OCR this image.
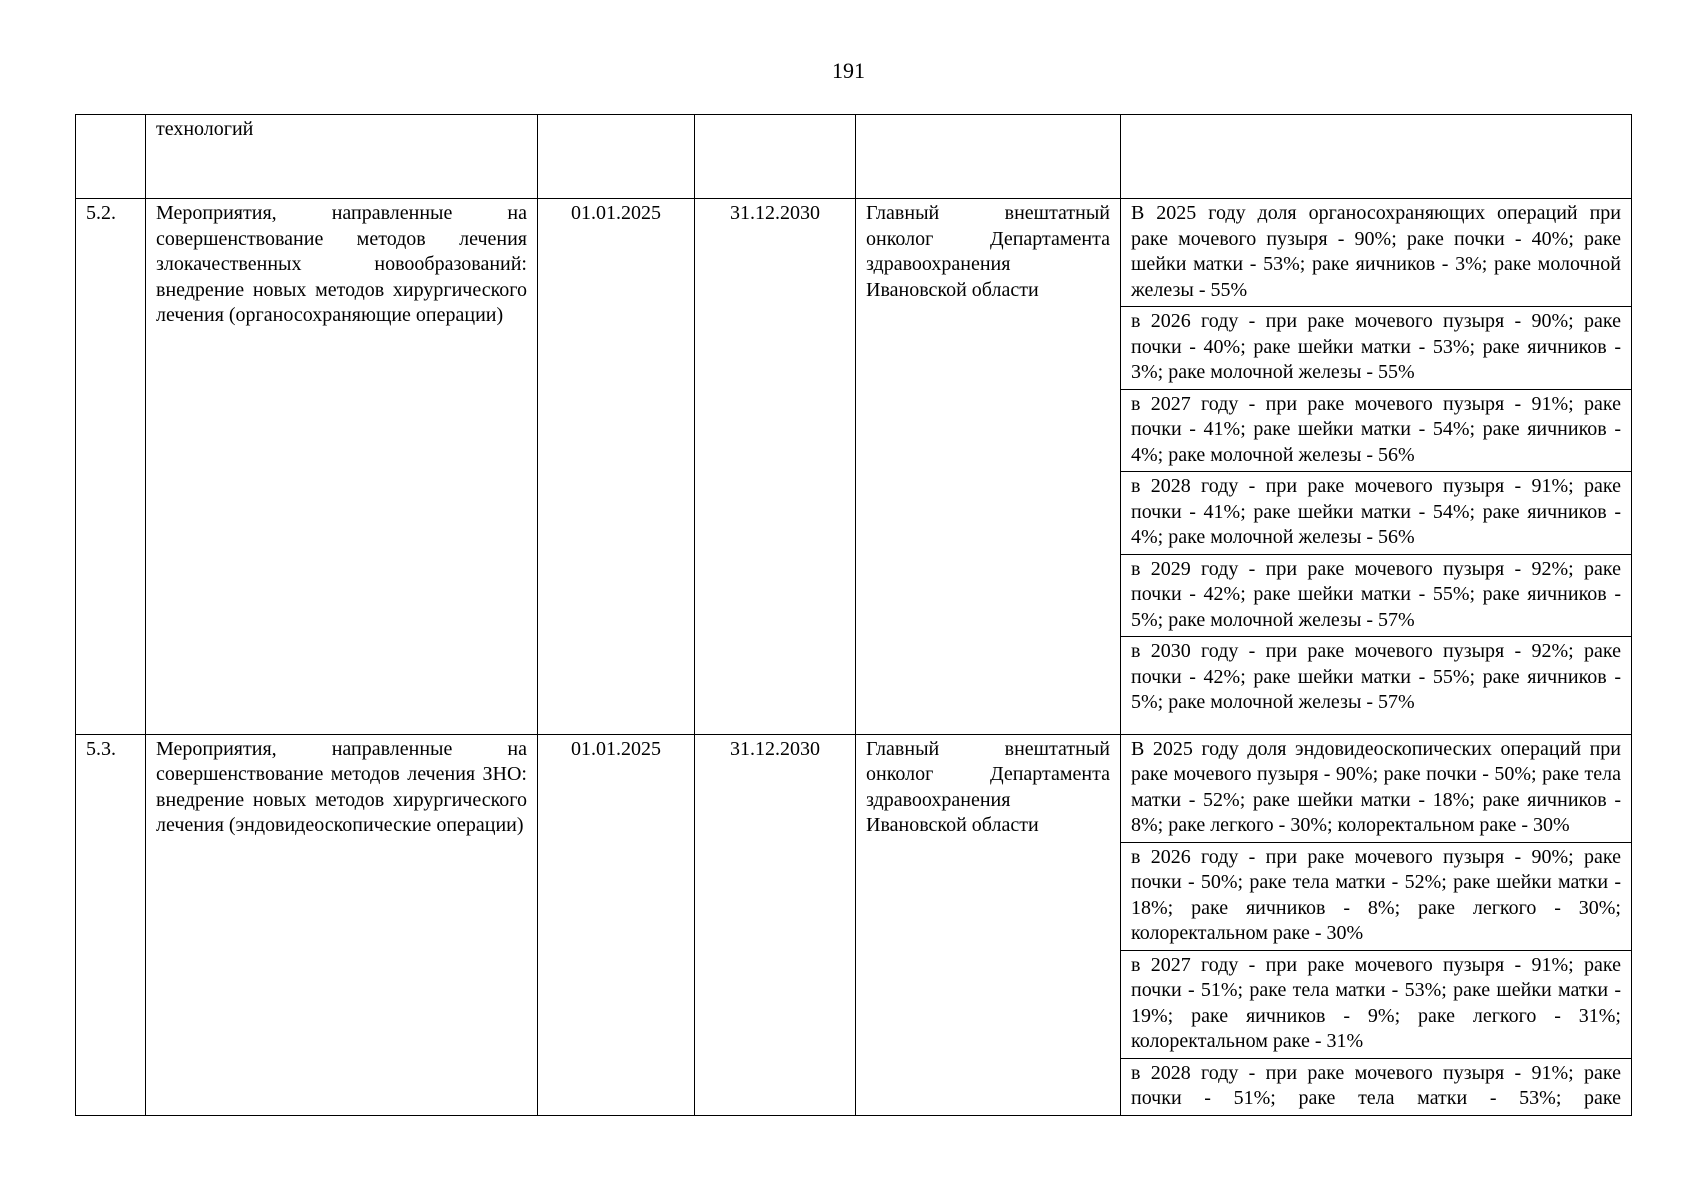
191
	технологий				
5.2.	Мероприятия, направленные на совершенствование методов лечения злокачественных новообразований: внедрение новых методов хирургического лечения (органосохраняющие операции)	01.01.2025	31.12.2030	Главный внештатный онколог Департамента здравоохранения Ивановской области	В 2025 году доля органосохраняющих операций при раке мочевого пузыря - 90%; раке почки - 40%; раке шейки матки - 53%; раке яичников - 3%; раке молочной железы - 55%
					в 2026 году - при раке мочевого пузыря - 90%; раке почки - 40%; раке шейки матки - 53%; раке яичников - 3%; раке молочной железы - 55%
					в 2027 году - при раке мочевого пузыря - 91%; раке почки - 41%; раке шейки матки - 54%; раке яичников - 4%; раке молочной железы - 56%
					в 2028 году - при раке мочевого пузыря - 91%; раке почки - 41%; раке шейки матки - 54%; раке яичников - 4%; раке молочной железы - 56%
					в 2029 году - при раке мочевого пузыря - 92%; раке почки - 42%; раке шейки матки - 55%; раке яичников - 5%; раке молочной железы - 57%
					в 2030 году - при раке мочевого пузыря - 92%; раке почки - 42%; раке шейки матки - 55%; раке яичников - 5%; раке молочной железы - 57%
5.3.	Мероприятия, направленные на совершенствование методов лечения ЗНО: внедрение новых методов хирургического лечения (эндовидеоскопические операции)	01.01.2025	31.12.2030	Главный внештатный онколог Департамента здравоохранения Ивановской области	В 2025 году доля эндовидеоскопических операций при раке мочевого пузыря - 90%; раке почки - 50%; раке тела матки - 52%; раке шейки матки - 18%; раке яичников - 8%; раке легкого - 30%; колоректальном раке - 30%
					в 2026 году - при раке мочевого пузыря - 90%; раке почки - 50%; раке тела матки - 52%; раке шейки матки - 18%; раке яичников - 8%; раке легкого - 30%; колоректальном раке - 30%
					в 2027 году - при раке мочевого пузыря - 91%; раке почки - 51%; раке тела матки - 53%; раке шейки матки - 19%; раке яичников - 9%; раке легкого - 31%; колоректальном раке - 31%
					в 2028 году - при раке мочевого пузыря - 91%; раке почки - 51%; раке тела матки - 53%; раке
